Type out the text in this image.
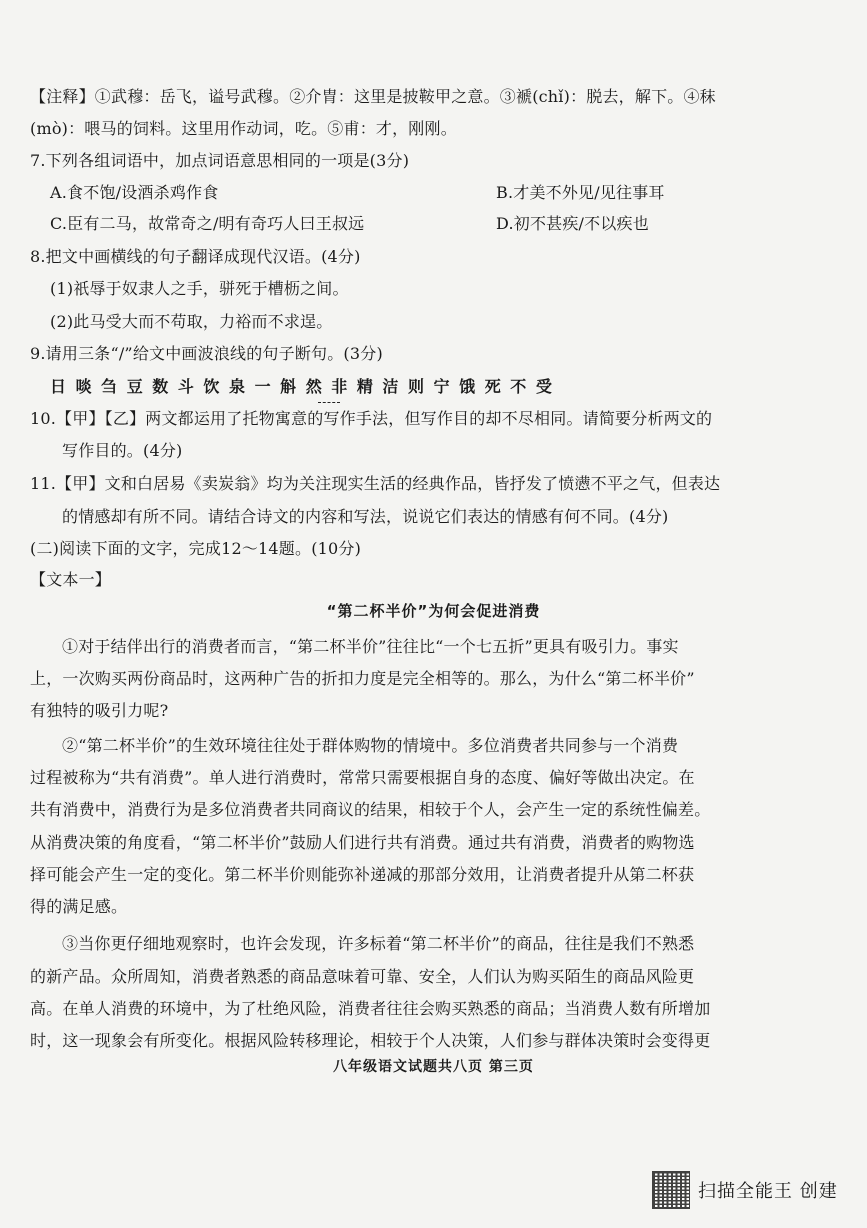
【注释】①武穆：岳飞，谥号武穆。②介胄：这里是披鞍甲之意。③褫(chǐ)：脱去，解下。④秣
(mò)：喂马的饲料。这里用作动词，吃。⑤甫：才，刚刚。
7.下列各组词语中，加点词语意思相同的一项是(3分)
A.食不饱/设酒杀鸡作食	B.才美不外见/见往事耳
C.臣有二马，故常奇之/明有奇巧人曰王叔远	D.初不甚疾/不以疾也
8.把文中画横线的句子翻译成现代汉语。(4分)
(1)祇辱于奴隶人之手，骈死于槽枥之间。
(2)此马受大而不苟取，力裕而不求逞。
9.请用三条“/”给文中画波浪线的句子断句。(3分)
日 啖 刍 豆 数 斗 饮 泉 一 斛 然 非 精 洁 则 宁 饿 死 不 受
10.【甲】【乙】两文都运用了托物寓意的写作手法，但写作目的却不尽相同。请简要分析两文的
写作目的。(4分)
11.【甲】文和白居易《卖炭翁》均为关注现实生活的经典作品，皆抒发了愤懑不平之气，但表达
的情感却有所不同。请结合诗文的内容和写法，说说它们表达的情感有何不同。(4分)
(二)阅读下面的文字，完成12～14题。(10分)
【文本一】
“第二杯半价”为何会促进消费
①对于结伴出行的消费者而言，“第二杯半价”往往比“一个七五折”更具有吸引力。事实
上，一次购买两份商品时，这两种广告的折扣力度是完全相等的。那么，为什么“第二杯半价”
有独特的吸引力呢?
②“第二杯半价”的生效环境往往处于群体购物的情境中。多位消费者共同参与一个消费
过程被称为“共有消费”。单人进行消费时，常常只需要根据自身的态度、偏好等做出决定。在
共有消费中，消费行为是多位消费者共同商议的结果，相较于个人，会产生一定的系统性偏差。
从消费决策的角度看，“第二杯半价”鼓励人们进行共有消费。通过共有消费，消费者的购物选
择可能会产生一定的变化。第二杯半价则能弥补递减的那部分效用，让消费者提升从第二杯获
得的满足感。
③当你更仔细地观察时，也许会发现，许多标着“第二杯半价”的商品，往往是我们不熟悉
的新产品。众所周知，消费者熟悉的商品意味着可靠、安全，人们认为购买陌生的商品风险更
高。在单人消费的环境中，为了杜绝风险，消费者往往会购买熟悉的商品；当消费人数有所增加
时，这一现象会有所变化。根据风险转移理论，相较于个人决策，人们参与群体决策时会变得更
八年级语文试题共八页 第三页
扫描全能王 创建
